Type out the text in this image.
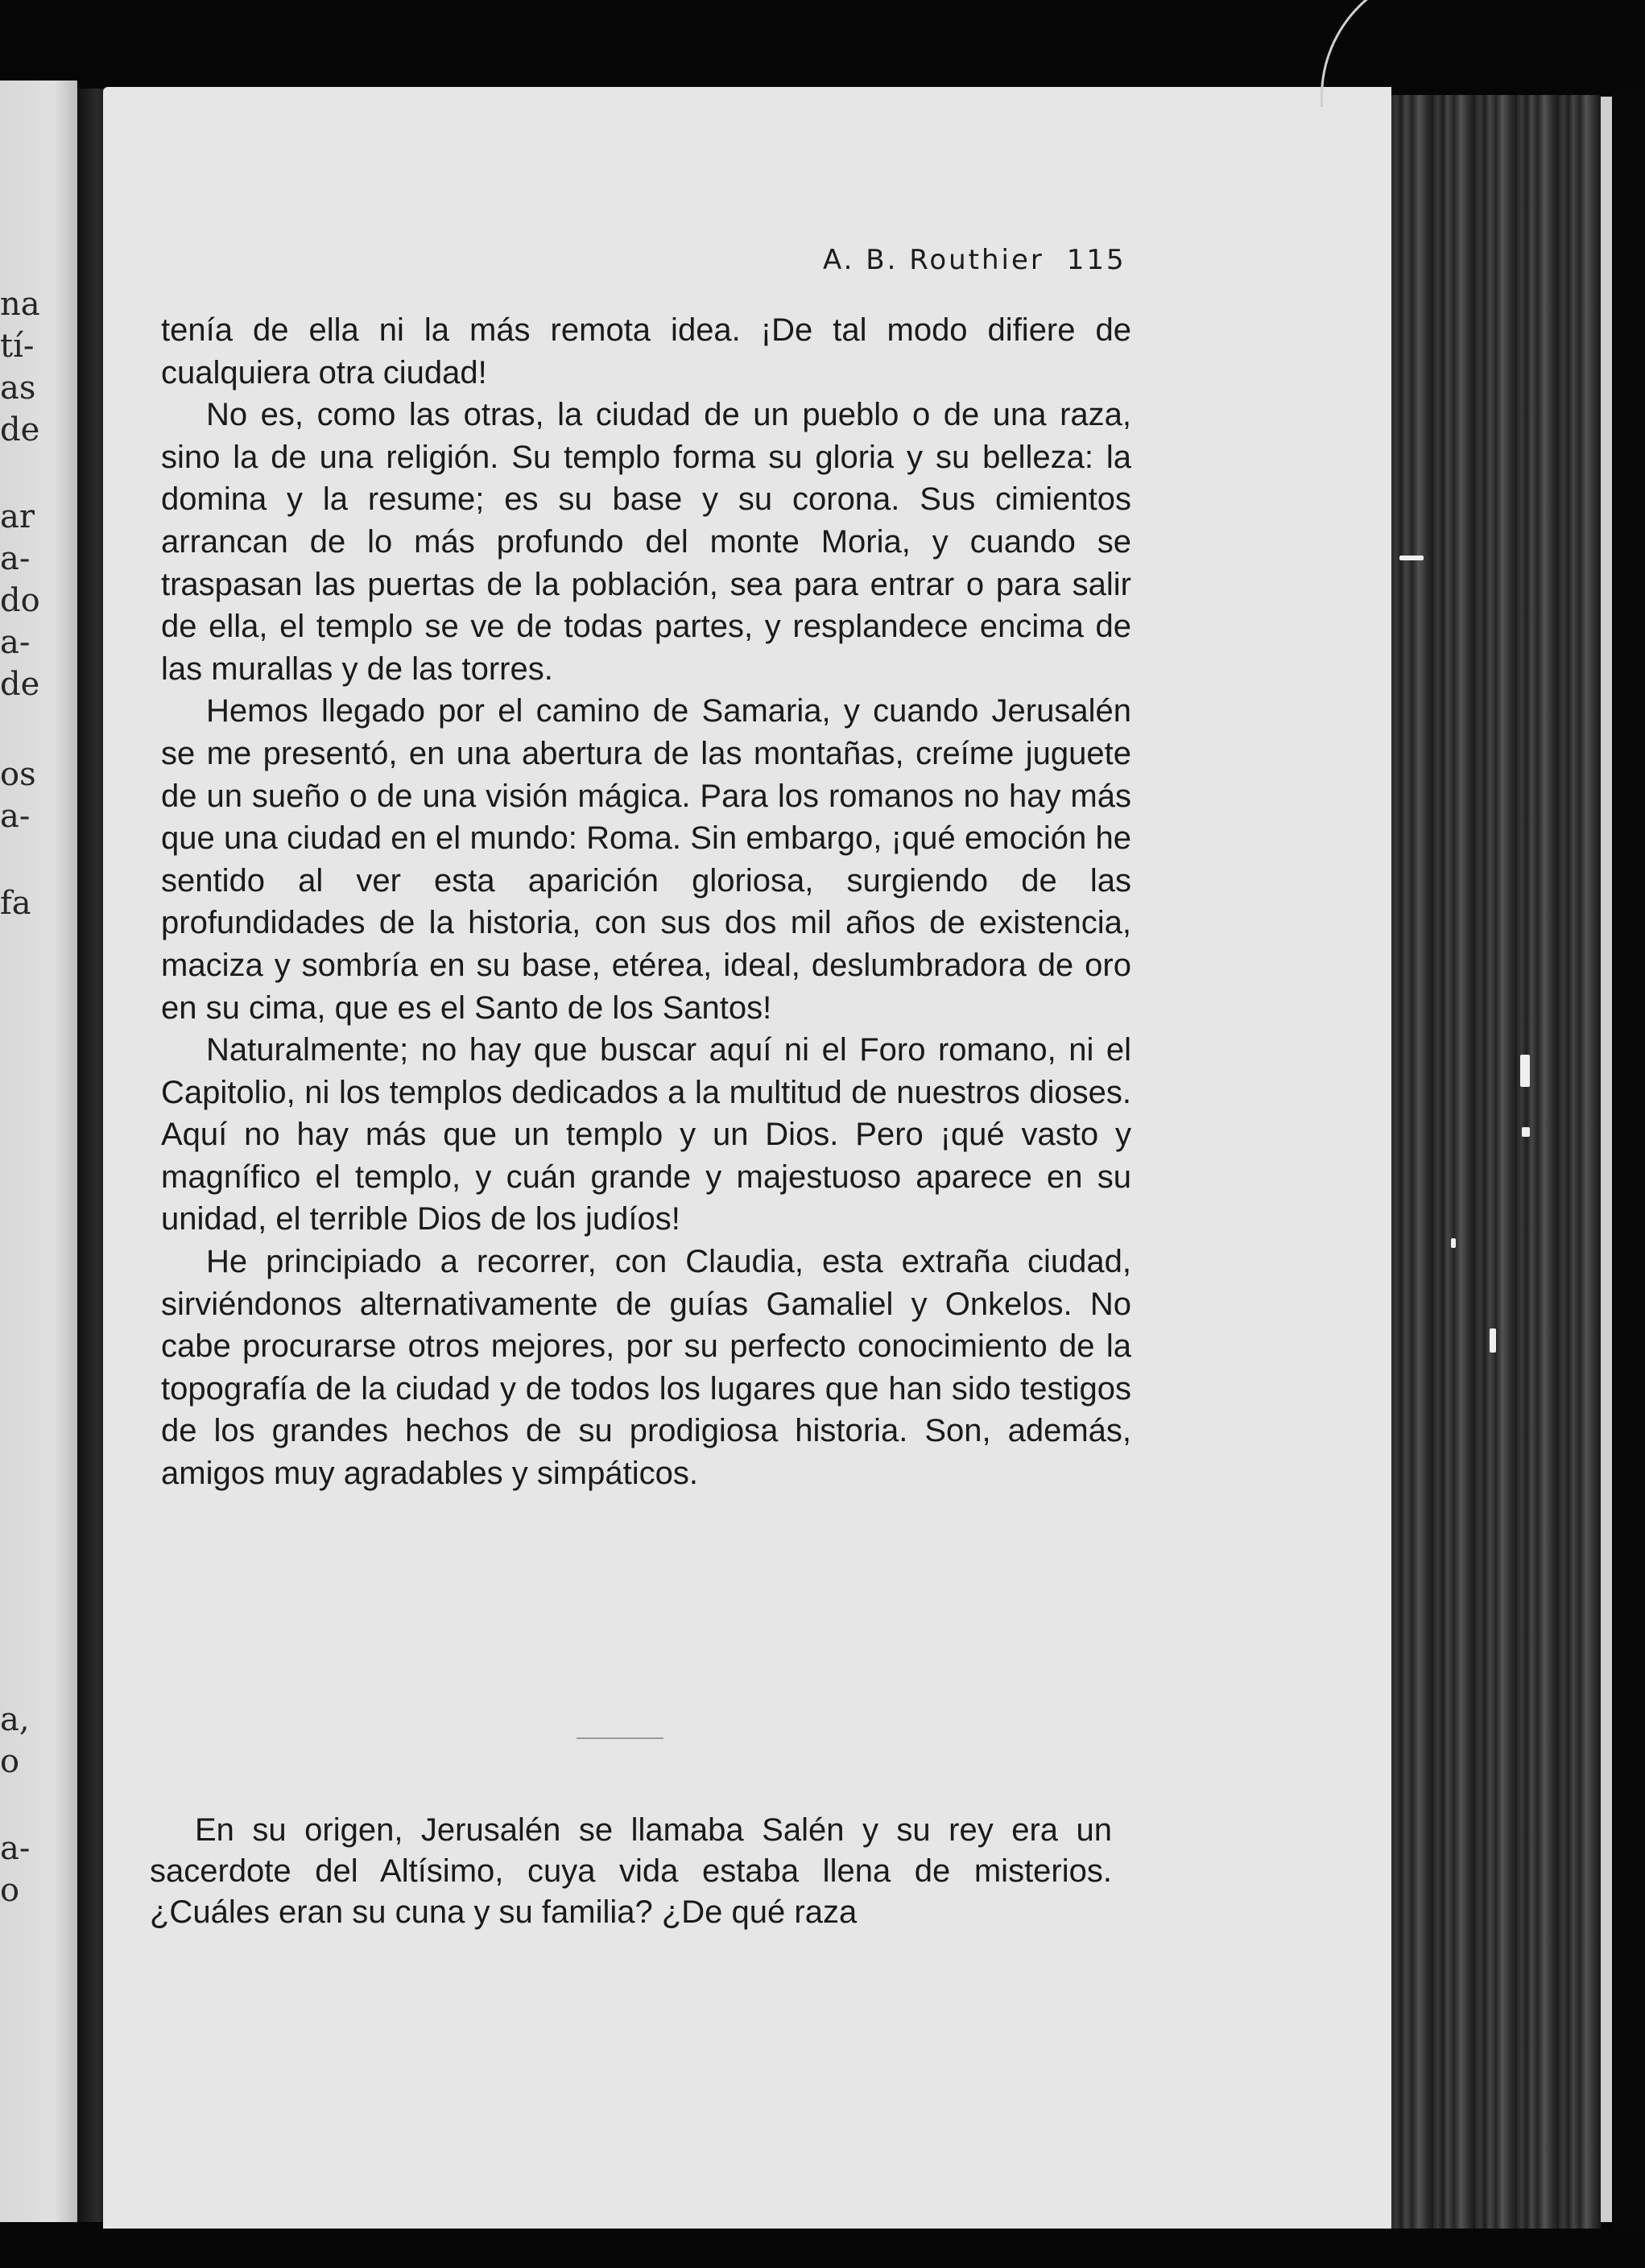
na
tí-
as
de
ar
a-
do
a-
de
os
a-
fa
a,
o
a-
o
A. B. Routhier 115

tenía de ella ni la más remota idea. ¡De tal modo difiere de cualquiera otra ciudad!

No es, como las otras, la ciudad de un pueblo o de una raza, sino la de una religión. Su templo forma su gloria y su belleza: la domina y la resume; es su base y su corona. Sus cimientos arrancan de lo más profundo del monte Moria, y cuando se traspasan las puertas de la población, sea para entrar o para salir de ella, el templo se ve de todas partes, y resplandece encima de las murallas y de las torres.

Hemos llegado por el camino de Samaria, y cuando Jerusalén se me presentó, en una abertura de las montañas, creíme juguete de un sueño o de una visión mágica. Para los romanos no hay más que una ciudad en el mundo: Roma. Sin embargo, ¡qué emoción he sentido al ver esta aparición gloriosa, surgiendo de las profundidades de la historia, con sus dos mil años de existencia, maciza y sombría en su base, etérea, ideal, deslumbradora de oro en su cima, que es el Santo de los Santos!

Naturalmente; no hay que buscar aquí ni el Foro romano, ni el Capitolio, ni los templos dedicados a la multitud de nuestros dioses. Aquí no hay más que un templo y un Dios. Pero ¡qué vasto y magnífico el templo, y cuán grande y majestuoso aparece en su unidad, el terrible Dios de los judíos!

He principiado a recorrer, con Claudia, esta extraña ciudad, sirviéndonos alternativamente de guías Gamaliel y Onkelos. No cabe procurarse otros mejores, por su perfecto conocimiento de la topografía de la ciudad y de todos los lugares que han sido testigos de los grandes hechos de su prodigiosa historia. Son, además, amigos muy agradables y simpáticos.

En su origen, Jerusalén se llamaba Salén y su rey era un sacerdote del Altísimo, cuya vida estaba llena de misterios. ¿Cuáles eran su cuna y su familia? ¿De qué raza
